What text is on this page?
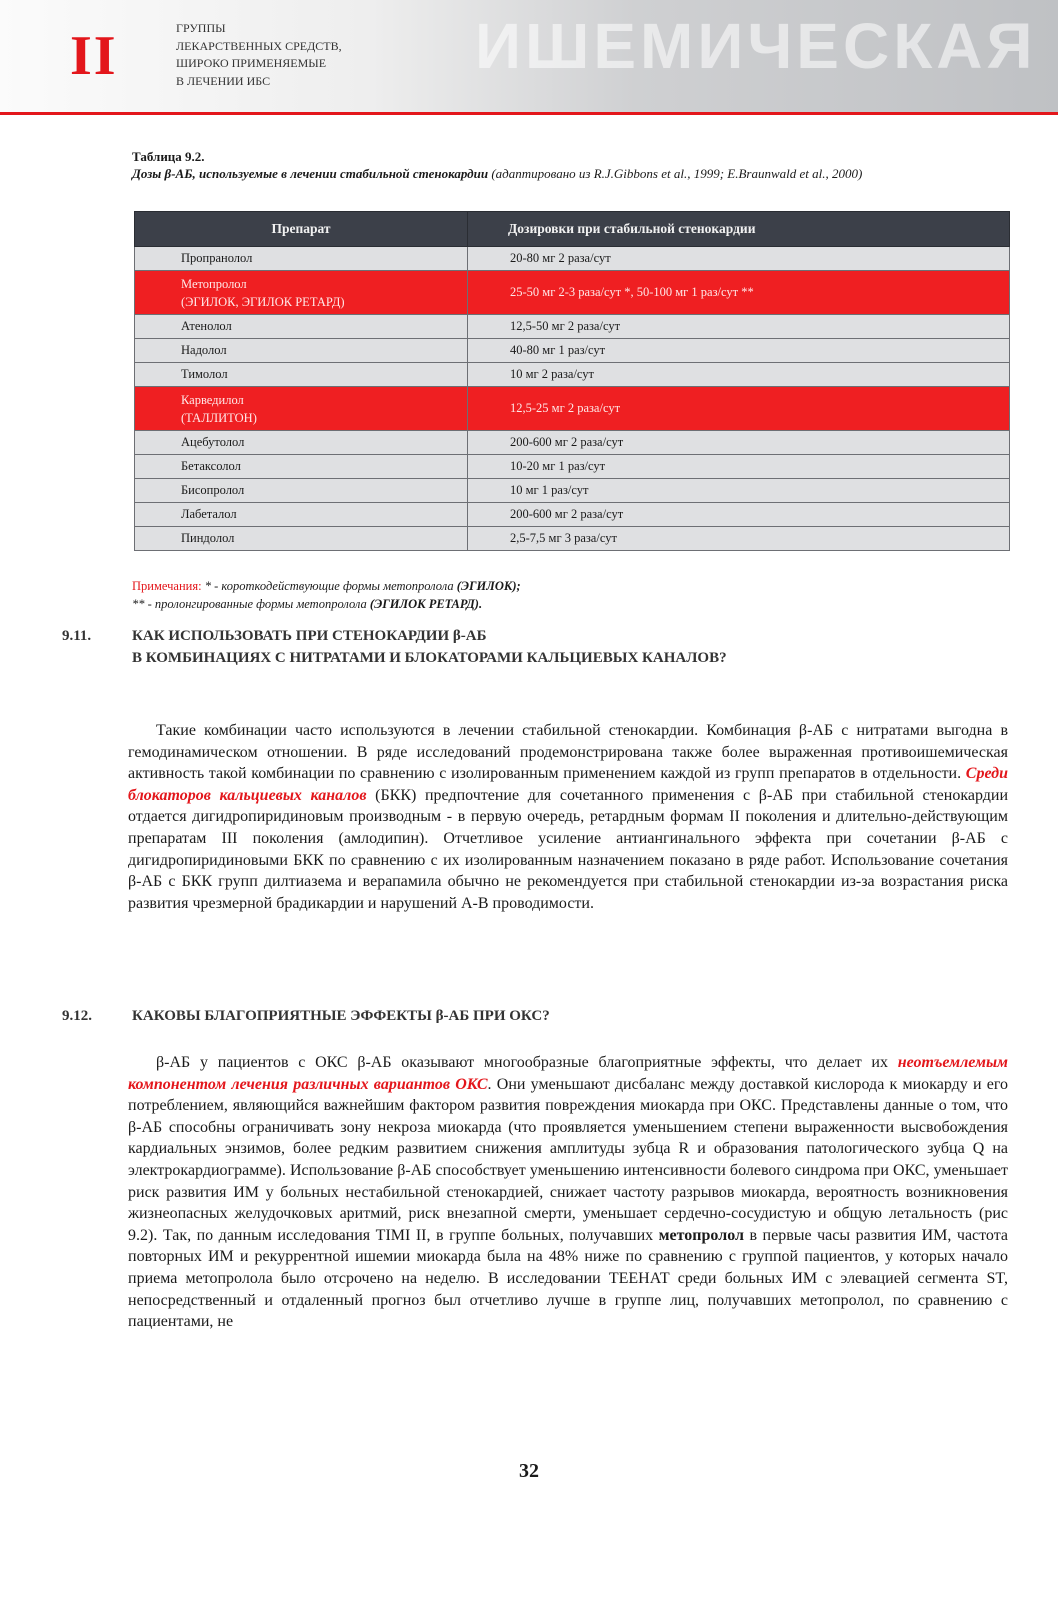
ИШЕМИЧЕСКАЯ
II	ГРУППЫ
ЛЕКАРСТВЕННЫХ СРЕДСТВ,
ШИРОКО ПРИМЕНЯЕМЫЕ
В ЛЕЧЕНИИ ИБС
Таблица 9.2.
Дозы β-АБ, используемые в лечении стабильной стенокардии (адаптировано из R.J.Gibbons et al., 1999; E.Braunwald et al., 2000)
Препарат	Дозировки при стабильной стенокардии

Пропранолол	20-80 мг 2 раза/сут

Метопролол
(ЭГИЛОК, ЭГИЛОК РЕТАРД)	25-50 мг 2-3 раза/сут *, 50-100 мг 1 раз/сут **

Атенолол	12,5-50 мг 2 раза/сут

Надолол	40-80 мг 1 раз/сут

Тимолол	10 мг 2 раза/сут

Карведилол
(ТАЛЛИТОН)	12,5-25 мг 2 раза/сут

Ацебутолол	200-600 мг 2 раза/сут

Бетаксолол	10-20 мг 1 раз/сут

Бисопролол	10 мг 1 раз/сут

Лабеталол	200-600 мг 2 раза/сут

Пиндолол	2,5-7,5 мг 3 раза/сут
Примечания: * - короткодействующие формы метопролола (ЭГИЛОК);
** - пролонгированные формы метопролола (ЭГИЛОК РЕТАРД).
9.11.	КАК ИСПОЛЬЗОВАТЬ ПРИ СТЕНОКАРДИИ β-АБ
В КОМБИНАЦИЯХ С НИТРАТАМИ И БЛОКАТОРАМИ КАЛЬЦИЕВЫХ КАНАЛОВ?
Такие комбинации часто используются в лечении стабильной стенокардии. Комбинация β-АБ с нитратами выгодна в гемодинамическом отношении. В ряде исследований продемонстрирована также более выраженная противоишемическая активность такой комбинации по сравнению с изолированным применением каждой из групп препаратов в отдельности. Среди блокаторов кальциевых каналов (БКК) предпочтение для сочетанного применения с β-АБ при стабильной стенокардии отдается дигидропиридиновым производным - в первую очередь, ретардным формам II поколения и длительно-действующим препаратам III поколения (амлодипин). Отчетливое усиление антиангинального эффекта при сочетании β-АБ с дигидропиридиновыми БКК по сравнению с их изолированным назначением показано в ряде работ. Использование сочетания β-АБ с БКК групп дилтиазема и верапамила обычно не рекомендуется при стабильной стенокардии из-за возрастания риска развития чрезмерной брадикардии и нарушений А-В проводимости.
9.12.	КАКОВЫ БЛАГОПРИЯТНЫЕ ЭФФЕКТЫ β-АБ ПРИ ОКС?
β-АБ у пациентов с ОКС β-АБ оказывают многообразные благоприятные эффекты, что делает их неотъемлемым компонентом лечения различных вариантов ОКС. Они уменьшают дисбаланс между доставкой кислорода к миокарду и его потреблением, являющийся важнейшим фактором развития повреждения миокарда при ОКС. Представлены данные о том, что β-АБ способны ограничивать зону некроза миокарда (что проявляется уменьшением степени выраженности высвобождения кардиальных энзимов, более редким развитием снижения амплитуды зубца R и образования патологического зубца Q на электрокардиограмме). Использование β-АБ способствует уменьшению интенсивности болевого синдрома при ОКС, уменьшает риск развития ИМ у больных нестабильной стенокардией, снижает частоту разрывов миокарда, вероятность возникновения жизнеопасных желудочковых аритмий, риск внезапной смерти, уменьшает сердечно-сосудистую и общую летальность (рис 9.2). Так, по данным исследования TIMI II, в группе больных, получавших метопролол в первые часы развития ИМ, частота повторных ИМ и рекуррентной ишемии миокарда была на 48% ниже по сравнению с группой пациентов, у которых начало приема метопролола было отсрочено на неделю. В исследовании ТЕЕНАТ среди больных ИМ с элевацией сегмента ST, непосредственный и отдаленный прогноз был отчетливо лучше в группе лиц, получавших метопролол, по сравнению с пациентами, не
32
